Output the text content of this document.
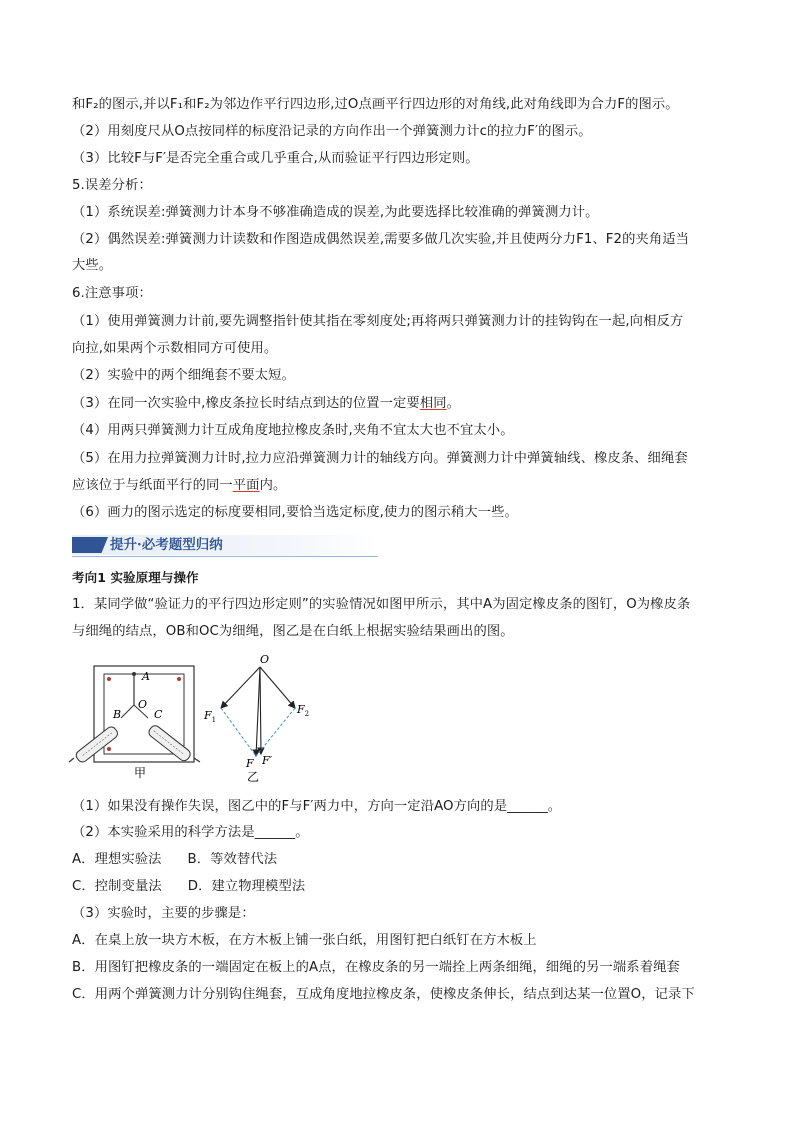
和F₂的图示,并以F₁和F₂为邻边作平行四边形,过O点画平行四边形的对角线,此对角线即为合力F的图示。
（2）用刻度尺从O点按同样的标度沿记录的方向作出一个弹簧测力计c的拉力F′的图示。
（3）比较F与F′是否完全重合或几乎重合,从而验证平行四边形定则。
5.误差分析：
（1）系统误差:弹簧测力计本身不够准确造成的误差,为此要选择比较准确的弹簧测力计。
（2）偶然误差:弹簧测力计读数和作图造成偶然误差,需要多做几次实验,并且使两分力F1、F2的夹角适当
大些。
6.注意事项：
（1）使用弹簧测力计前,要先调整指针使其指在零刻度处;再将两只弹簧测力计的挂钩钩在一起,向相反方
向拉,如果两个示数相同方可使用。
（2）实验中的两个细绳套不要太短。
（3）在同一次实验中,橡皮条拉长时结点到达的位置一定要相同。
（4）用两只弹簧测力计互成角度地拉橡皮条时,夹角不宜太大也不宜太小。
（5）在用力拉弹簧测力计时,拉力应沿弹簧测力计的轴线方向。弹簧测力计中弹簧轴线、橡皮条、细绳套
应该位于与纸面平行的同一平面内。
（6）画力的图示选定的标度要相同,要恰当选定标度,使力的图示稍大一些。
提升·必考题型归纳
考向1 实验原理与操作
1．某同学做“验证力的平行四边形定则”的实验情况如图甲所示，其中A为固定橡皮条的图钉，O为橡皮条
与细绳的结点，OB和OC为细绳，图乙是在白纸上根据实验结果画出的图。
A
O
B	C
甲
O
$F_1$
$F_2$
F F′
乙
（1）如果没有操作失误，图乙中的F与F′两力中，方向一定沿AO方向的是______。
（2）本实验采用的科学方法是______。
A．理想实验法      B．等效替代法
C．控制变量法      D．建立物理模型法
（3）实验时，主要的步骤是：
A．在桌上放一块方木板，在方木板上铺一张白纸，用图钉把白纸钉在方木板上
B．用图钉把橡皮条的一端固定在板上的A点，在橡皮条的另一端拴上两条细绳，细绳的另一端系着绳套
C．用两个弹簧测力计分别钩住绳套，互成角度地拉橡皮条，使橡皮条伸长，结点到达某一位置O，记录下
